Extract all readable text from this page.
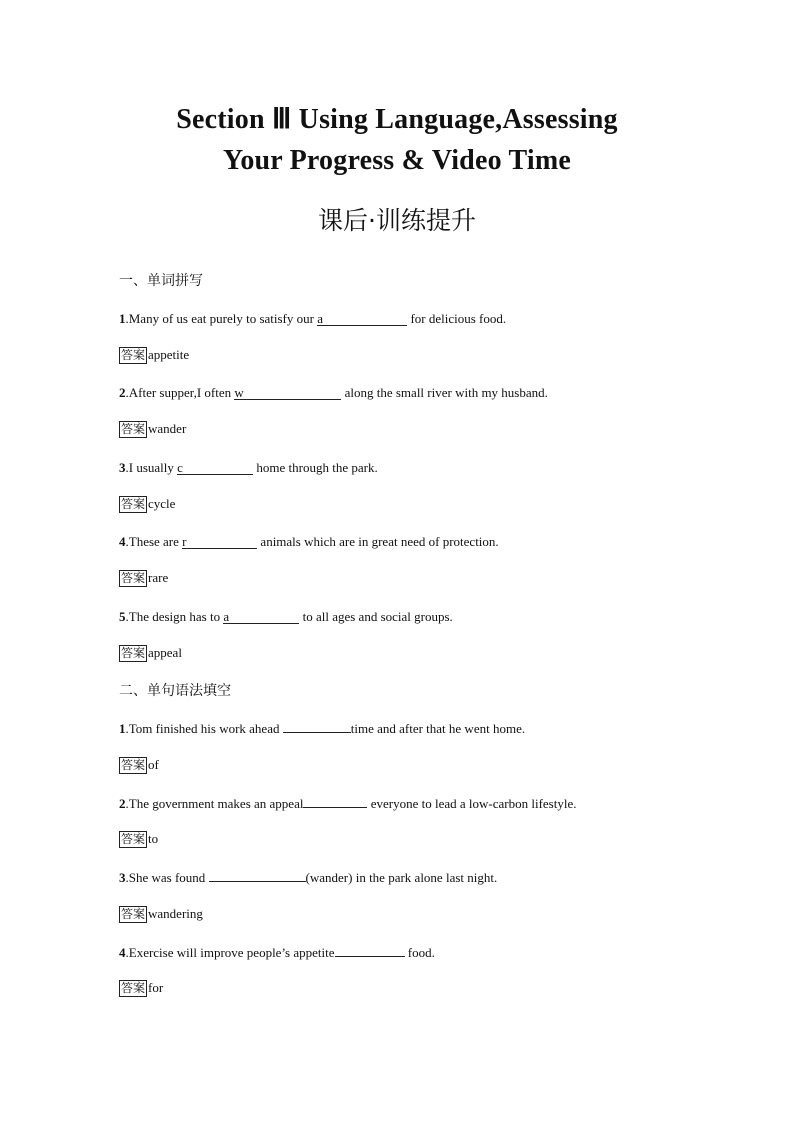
Section Ⅲ Using Language,Assessing
Your Progress & Video Time
课后·训练提升
一、单词拼写
1.Many of us eat purely to satisfy our a	for delicious food.
答案 appetite
2.After supper,I often w	along the small river with my husband.
答案 wander
3.I usually c	home through the park.
答案 cycle
4.These are r	animals which are in great need of protection.
答案 rare
5.The design has to a	to all ages and social groups.
答案 appeal
二、单句语法填空
1.Tom finished his work ahead	time and after that he went home.
答案 of
2.The government makes an appeal	everyone to lead a low-carbon lifestyle.
答案 to
3.She was found	(wander) in the park alone last night.
答案 wandering
4.Exercise will improve people’s appetite	food.
答案 for
